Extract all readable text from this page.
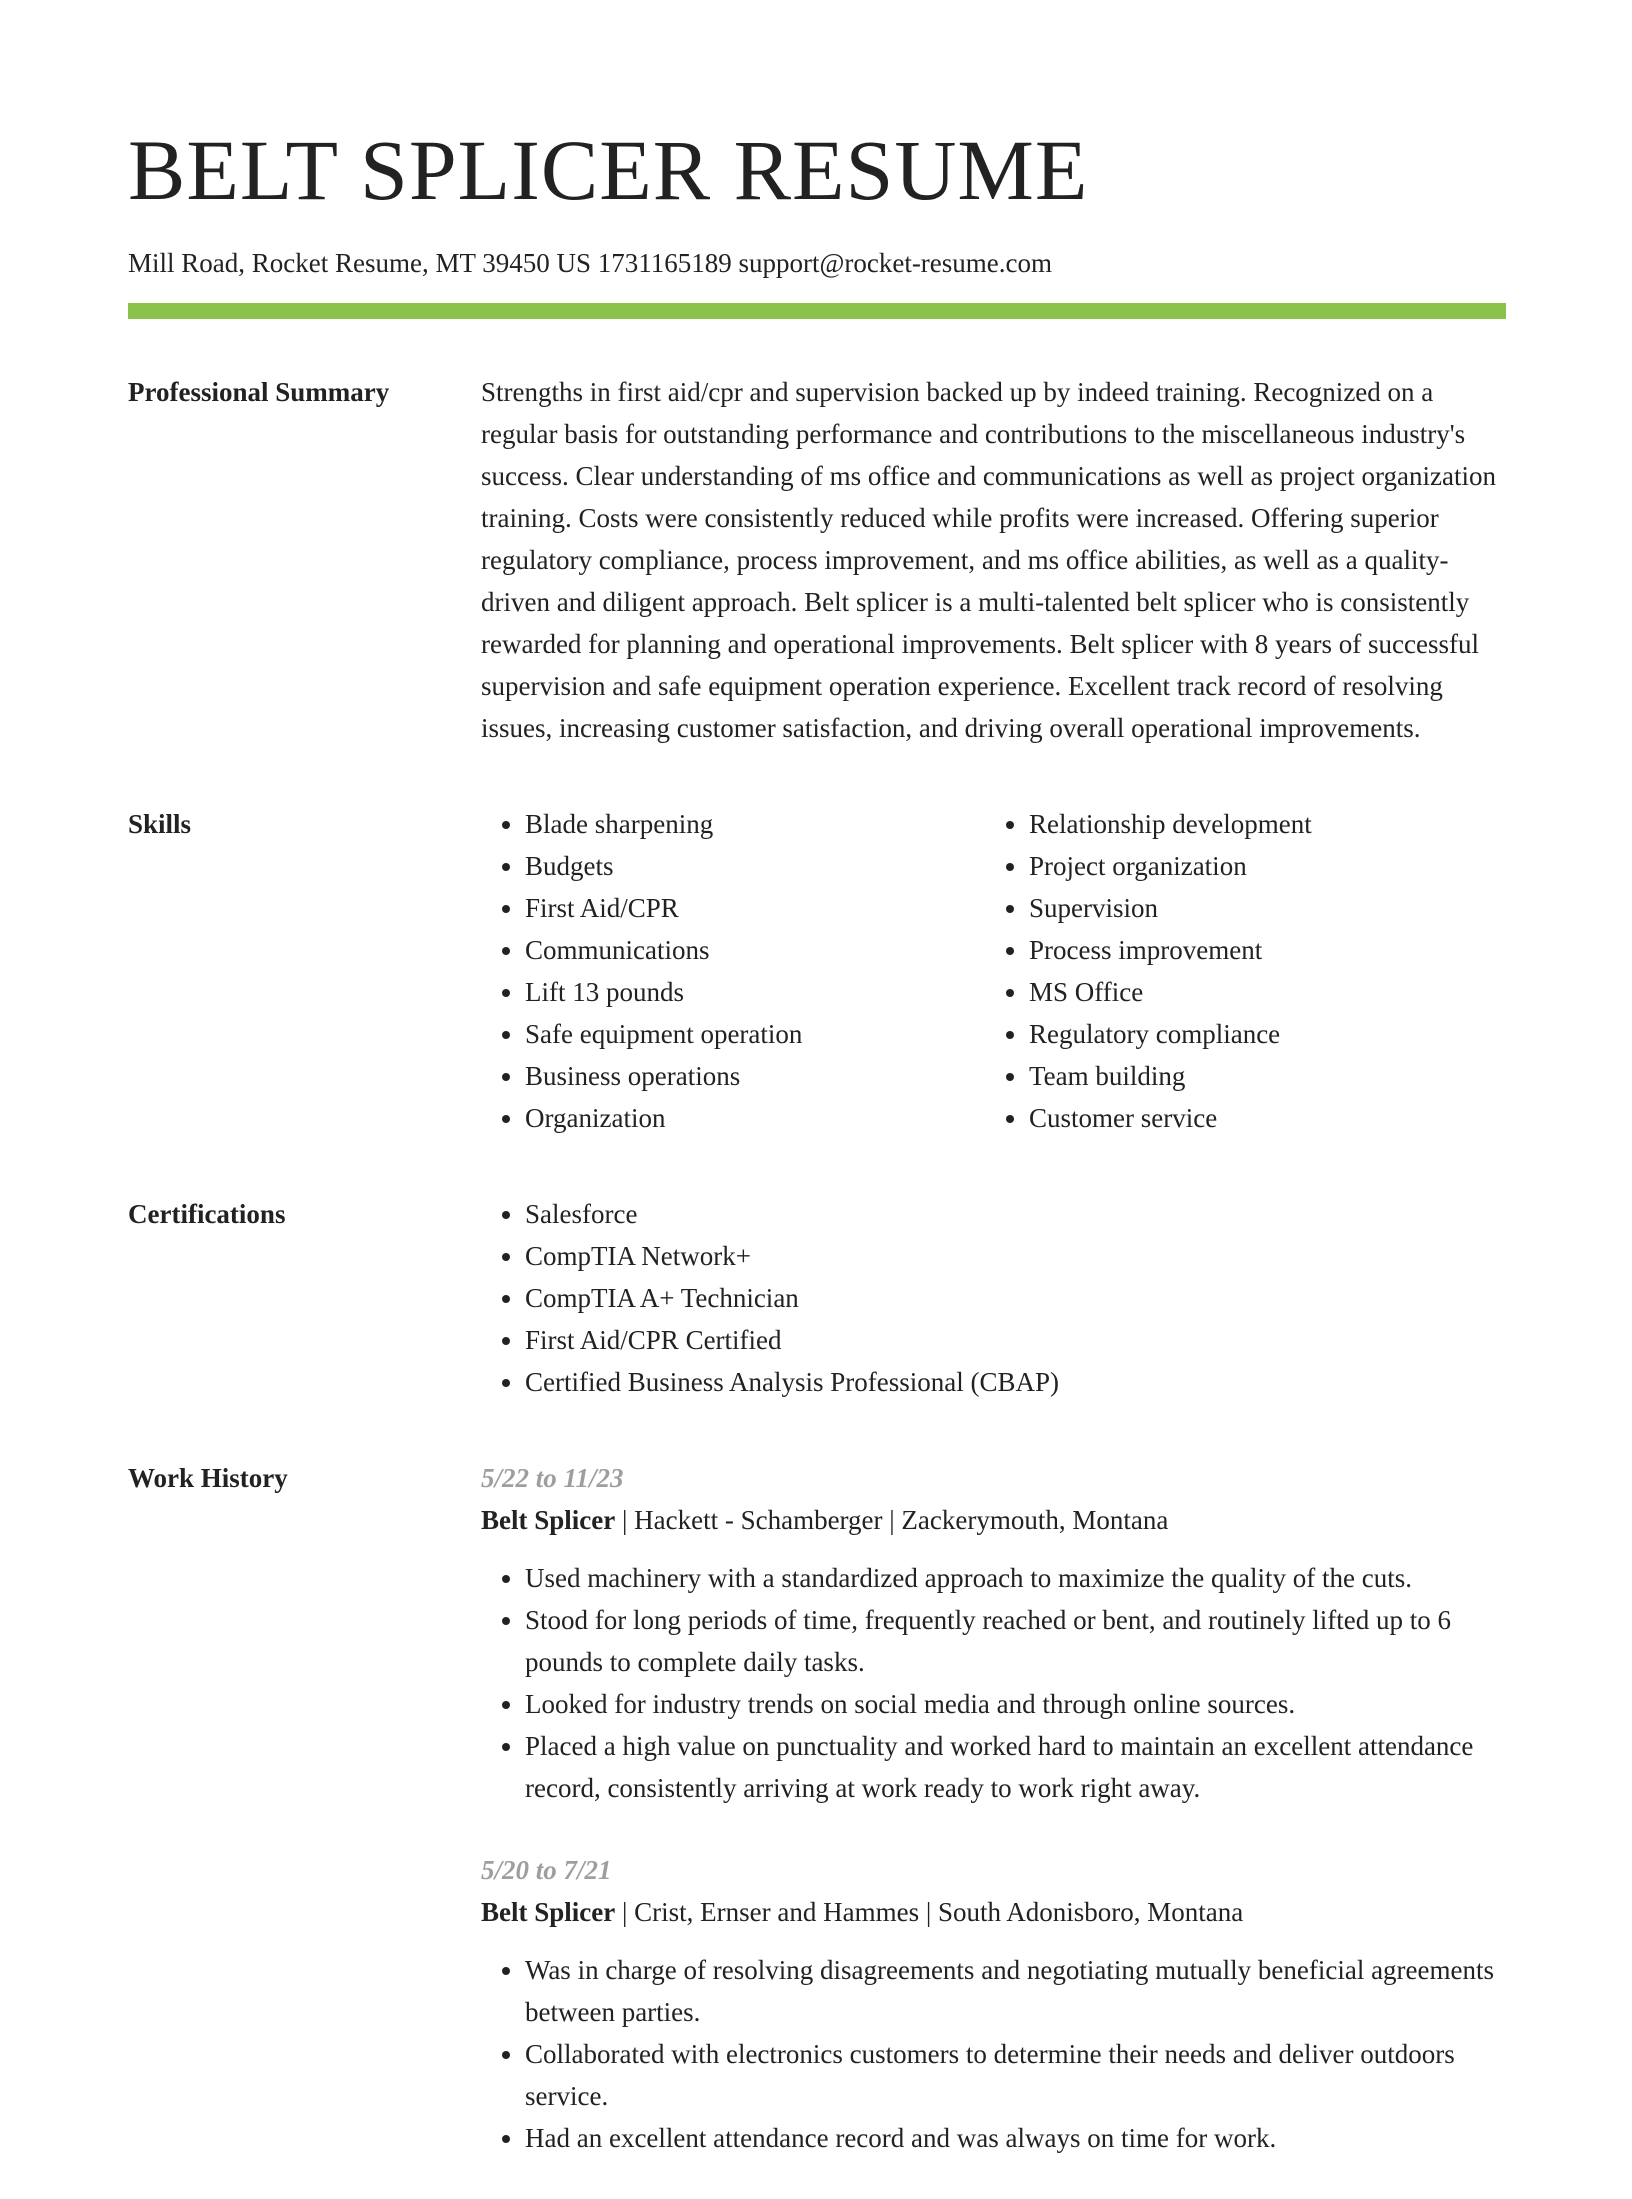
BELT SPLICER RESUME
Mill Road, Rocket Resume, MT 39450 US 1731165189 support@rocket-resume.com
Professional Summary	Strengths in first aid/cpr and supervision backed up by indeed training. Recognized on a regular basis for outstanding performance and contributions to the miscellaneous industry's success. Clear understanding of ms office and communications as well as project organization training. Costs were consistently reduced while profits were increased. Offering superior regulatory compliance, process improvement, and ms office abilities, as well as a quality-driven and diligent approach. Belt splicer is a multi-talented belt splicer who is consistently rewarded for planning and operational improvements. Belt splicer with 8 years of successful supervision and safe equipment operation experience. Excellent track record of resolving issues, increasing customer satisfaction, and driving overall operational improvements.

Skills	• Blade sharpening
• Budgets
• First Aid/CPR
• Communications
• Lift 13 pounds
• Safe equipment operation
• Business operations
• Organization
• Relationship development
• Project organization
• Supervision
• Process improvement
• MS Office
• Regulatory compliance
• Team building
• Customer service
Certifications	• Salesforce
• CompTIA Network+
• CompTIA A+ Technician
• First Aid/CPR Certified
• Certified Business Analysis Professional (CBAP)
Work History	5/22 to 11/23
Belt Splicer | Hackett - Schamberger | Zackerymouth, Montana
• Used machinery with a standardized approach to maximize the quality of the cuts.
• Stood for long periods of time, frequently reached or bent, and routinely lifted up to 6 pounds to complete daily tasks.
• Looked for industry trends on social media and through online sources.
• Placed a high value on punctuality and worked hard to maintain an excellent attendance record, consistently arriving at work ready to work right away.
5/20 to 7/21
Belt Splicer | Crist, Ernser and Hammes | South Adonisboro, Montana
• Was in charge of resolving disagreements and negotiating mutually beneficial agreements between parties.
• Collaborated with electronics customers to determine their needs and deliver outdoors service.
• Had an excellent attendance record and was always on time for work.
